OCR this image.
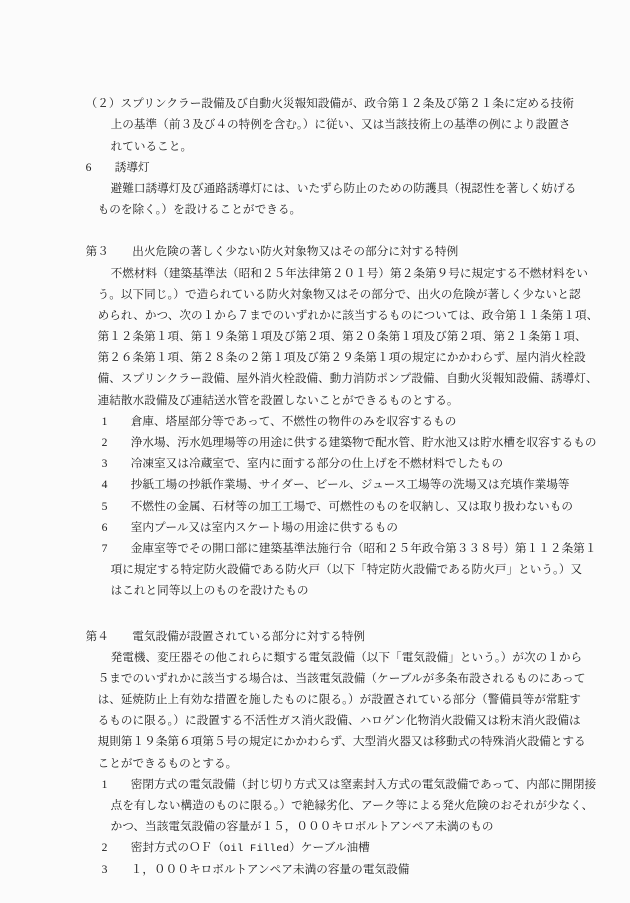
（２）スプリンクラー設備及び自動火災報知設備が、政令第１２条及び第２１条に定める技術

上の基準（前３及び４の特例を含む。）に従い、又は当該技術上の基準の例により設置さ

れていること。

6　　 誘導灯

避難口誘導灯及び通路誘導灯には、いたずら防止のための防護具（視認性を著しく妨げる

ものを除く。）を設けることができる。

第３　　 出火危険の著しく少ない防火対象物又はその部分に対する特例

不燃材料（建築基準法（昭和２５年法律第２０１号）第２条第９号に規定する不燃材料をい

う。以下同じ。）で造られている防火対象物又はその部分で、出火の危険が著しく少ないと認

められ、かつ、次の１から７までのいずれかに該当するものについては、政令第１１条第１項、

第１２条第１項、第１９条第１項及び第２項、第２０条第１項及び第２項、第２１条第１項、

第２６条第１項、第２８条の２第１項及び第２９条第１項の規定にかかわらず、屋内消火栓設

備、スプリンクラー設備、屋外消火栓設備、動力消防ポンプ設備、自動火災報知設備、誘導灯、

連結散水設備及び連結送水管を設置しないことができるものとする。

1　　 倉庫、塔屋部分等であって、不燃性の物件のみを収容するもの

2　　 浄水場、汚水処理場等の用途に供する建築物で配水管、貯水池又は貯水槽を収容するもの

3　　 冷凍室又は冷蔵室で、室内に面する部分の仕上げを不燃材料でしたもの

4　　 抄紙工場の抄紙作業場、サイダー、ビール、ジュース工場等の洗場又は充填作業場等

5　　 不燃性の金属、石材等の加工工場で、可燃性のものを収納し、又は取り扱わないもの

6　　 室内プール又は室内スケート場の用途に供するもの

7　　 金庫室等でその開口部に建築基準法施行令（昭和２５年政令第３３８号）第１１２条第１

項に規定する特定防火設備である防火戸（以下「特定防火設備である防火戸」という。）又

はこれと同等以上のものを設けたもの

第４　　 電気設備が設置されている部分に対する特例

発電機、変圧器その他これらに類する電気設備（以下「電気設備」という。）が次の１から

５までのいずれかに該当する場合は、当該電気設備（ケーブルが多条布設されるものにあって

は、延焼防止上有効な措置を施したものに限る。）が設置されている部分（警備員等が常駐す

るものに限る。）に設置する不活性ガス消火設備、ハロゲン化物消火設備又は粉末消火設備は

規則第１９条第６項第５号の規定にかかわらず、大型消火器又は移動式の特殊消火設備とする

ことができるものとする。

1　　 密閉方式の電気設備（封じ切り方式又は窒素封入方式の電気設備であって、内部に開閉接

点を有しない構造のものに限る。）で絶縁劣化、アーク等による発火危険のおそれが少なく、

かつ、当該電気設備の容量が１５，０００キロボルトアンペア未満のもの

2　　 密封方式のＯＦ（Oil Filled）ケーブル油槽

3　　 １，０００キロボルトアンペア未満の容量の電気設備
